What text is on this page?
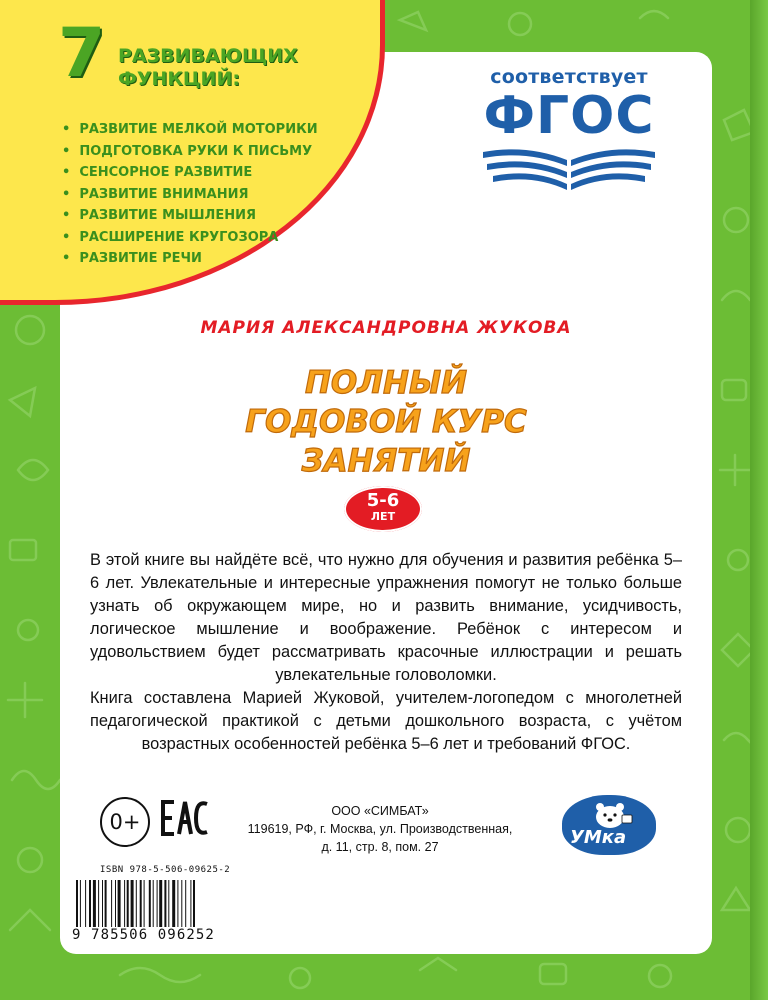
7 РАЗВИВАЮЩИХ
ФУНКЦИЙ:
• РАЗВИТИЕ МЕЛКОЙ МОТОРИКИ
• ПОДГОТОВКА РУКИ К ПИСЬМУ
• СЕНСОРНОЕ РАЗВИТИЕ
• РАЗВИТИЕ ВНИМАНИЯ
• РАЗВИТИЕ МЫШЛЕНИЯ
• РАСШИРЕНИЕ КРУГОЗОРА
• РАЗВИТИЕ РЕЧИ
соответствует
ФГОС
МАРИЯ АЛЕКСАНДРОВНА ЖУКОВА
ПОЛНЫЙ
ГОДОВОЙ КУРС
ЗАНЯТИЙ
5-6
ЛЕТ

В этой книге вы найдёте всё, что нужно для обучения и развития ребёнка 5–6 лет. Увлекательные и интересные упражнения помогут не только больше узнать об окружающем мире, но и развить внимание, усидчивость, логическое мышление и воображение. Ребёнок с интересом и удовольствием будет рассматривать красочные иллюстрации и решать увлекательные головоломки.

Книга составлена Марией Жуковой, учителем-логопедом с многолетней педагогической практикой с детьми дошкольного возраста, с учётом возрастных особенностей ребёнка 5–6 лет и требований ФГОС.

0+	ООО «СИМБАТ»
119619, РФ, г. Москва, ул. Производственная,
д. 11, стр. 8, пом. 27	УМка
ISBN 978-5-506-09625-2
9 785506 096252
